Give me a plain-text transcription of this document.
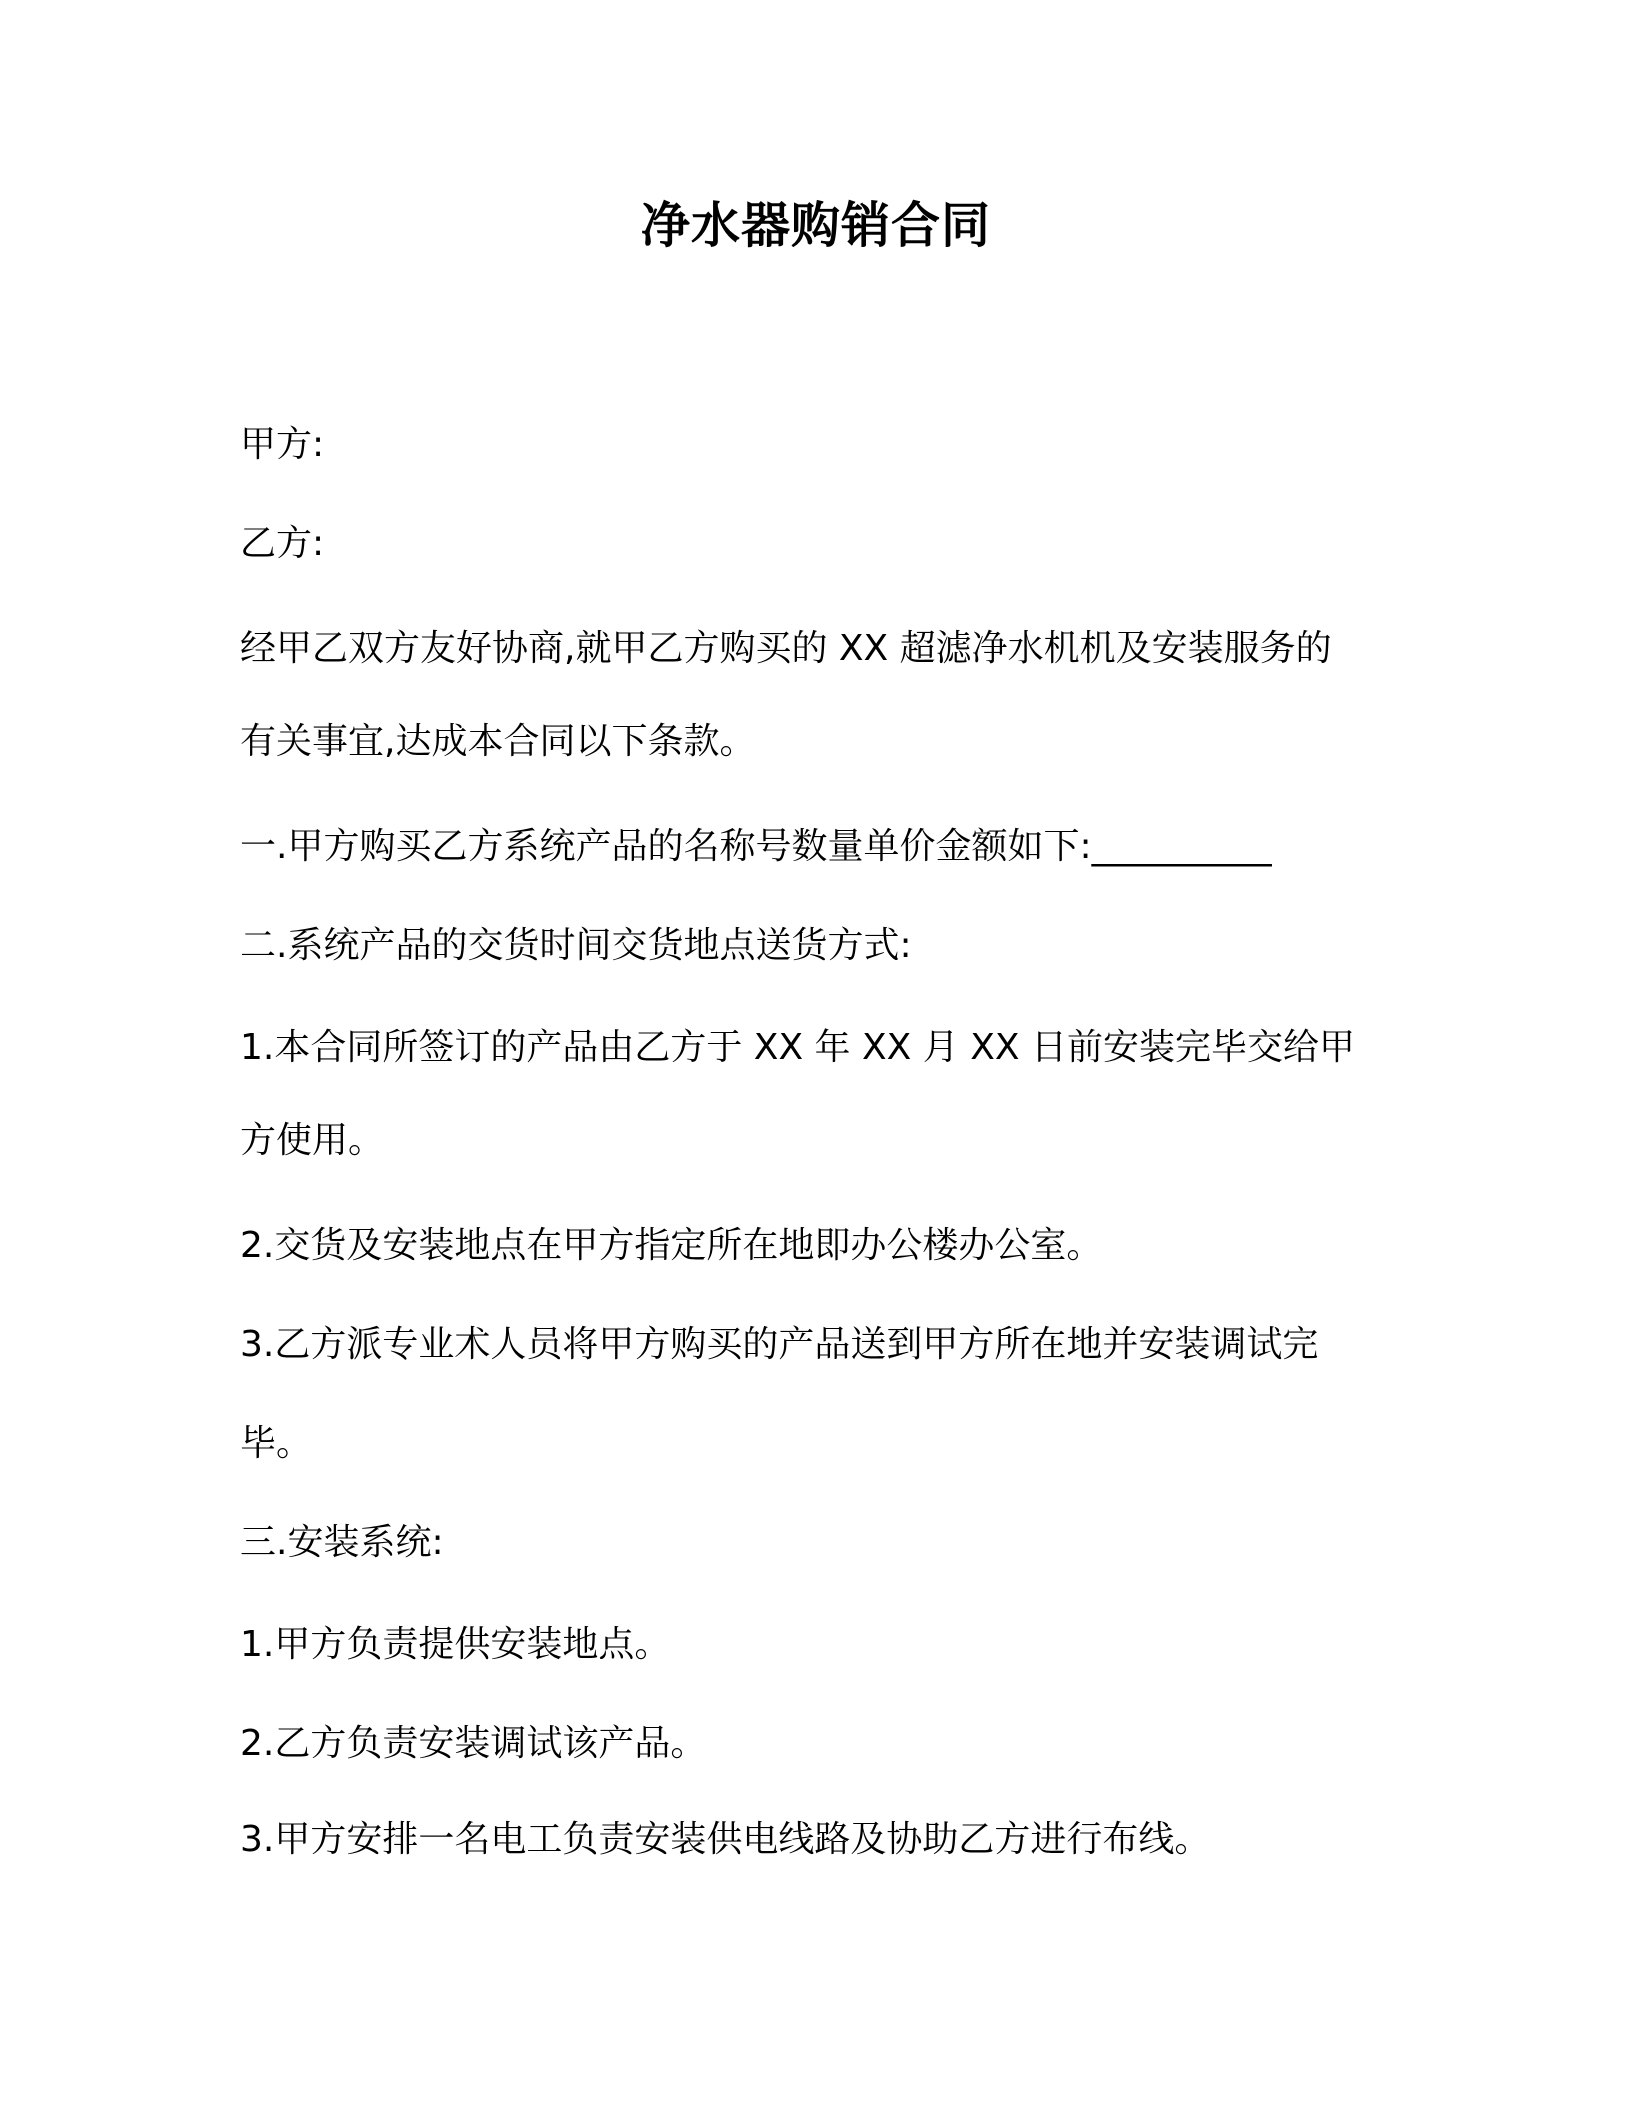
净水器购销合同
甲方:
乙方:
经甲乙双方友好协商,就甲乙方购买的 XX 超滤净水机机及安装服务的
有关事宜,达成本合同以下条款。
一.甲方购买乙方系统产品的名称号数量单价金额如下:__________
二.系统产品的交货时间交货地点送货方式:
1.本合同所签订的产品由乙方于 XX 年 XX 月 XX 日前安装完毕交给甲
方使用。
2.交货及安装地点在甲方指定所在地即办公楼办公室。
3.乙方派专业术人员将甲方购买的产品送到甲方所在地并安装调试完
毕。
三.安装系统:
1.甲方负责提供安装地点。
2.乙方负责安装调试该产品。
3.甲方安排一名电工负责安装供电线路及协助乙方进行布线。
